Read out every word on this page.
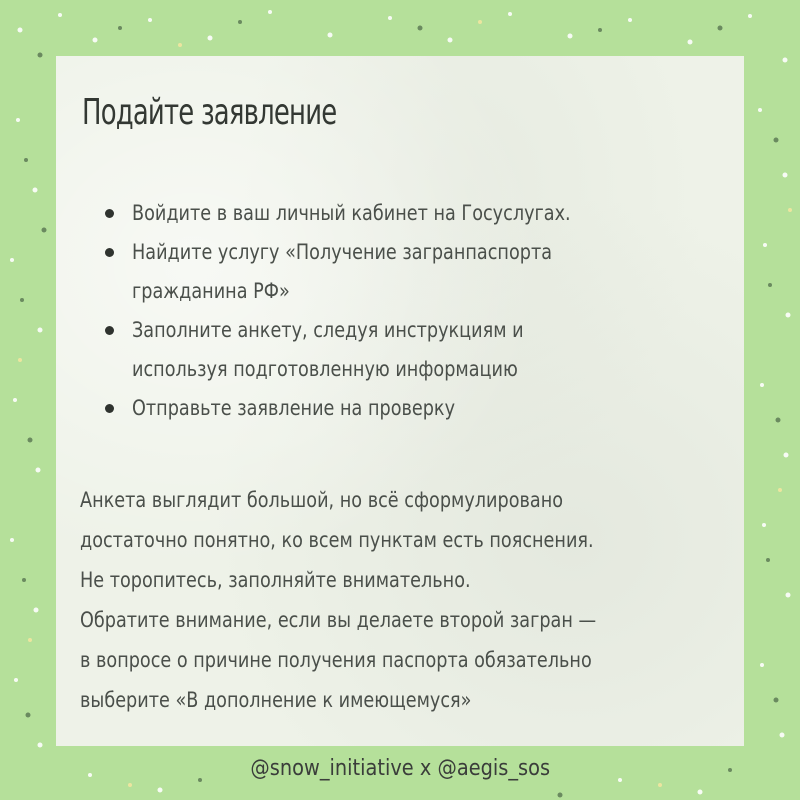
Подайте заявление
Войдите в ваш личный кабинет на Госуслугах.
Найдите услугу «Получение загранпаспорта
гражданина РФ»
Заполните анкету, следуя инструкциям и
используя подготовленную информацию
Отправьте заявление на проверку
Анкета выглядит большой, но всё сформулировано
достаточно понятно, ко всем пунктам есть пояснения.
Не торопитесь, заполняйте внимательно.
Обратите внимание, если вы делаете второй загран —
в вопросе о причине получения паспорта обязательно
выберите «В дополнение к имеющемуся»
@snow_initiative x @aegis_sos
